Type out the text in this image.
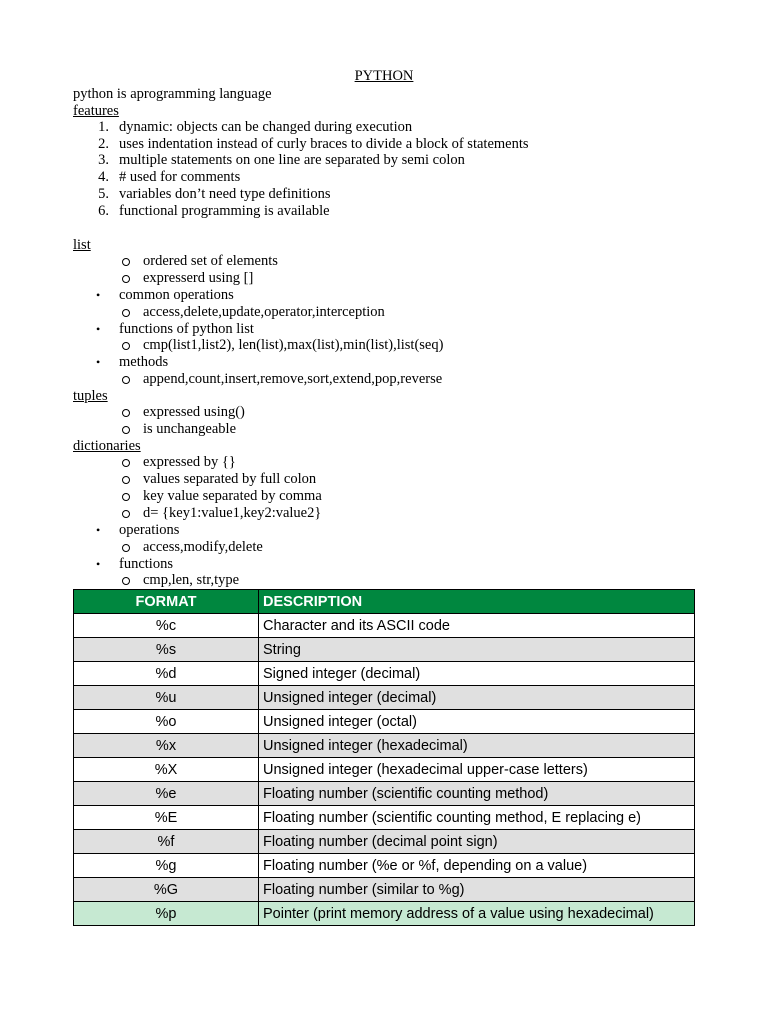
PYTHON
python is aprogramming language
features
1. dynamic: objects can be changed during execution
2. uses indentation instead of curly braces to divide a block of statements
3. multiple statements on one line are separated by semi colon
4. # used for comments
5. variables don’t need type definitions
6. functional programming is available
list
ordered set of elements
expresserd using []
• common operations
access,delete,update,operator,interception
• functions of python list
cmp(list1,list2), len(list),max(list),min(list),list(seq)
• methods
append,count,insert,remove,sort,extend,pop,reverse
tuples
expressed using()
is unchangeable
dictionaries
expressed by {}
values separated by full colon
key value separated by comma
d= {key1:value1,key2:value2}
• operations
access,modify,delete
• functions
cmp,len, str,type
FORMAT	DESCRIPTION
%c	Character and its ASCII code
%s	String
%d	Signed integer (decimal)
%u	Unsigned integer (decimal)
%o	Unsigned integer (octal)
%x	Unsigned integer (hexadecimal)
%X	Unsigned integer (hexadecimal upper-case letters)
%e	Floating number (scientific counting method)
%E	Floating number (scientific counting method, E replacing e)
%f	Floating number (decimal point sign)
%g	Floating number (%e or %f, depending on a value)
%G	Floating number (similar to %g)
%p	Pointer (print memory address of a value using hexadecimal)
